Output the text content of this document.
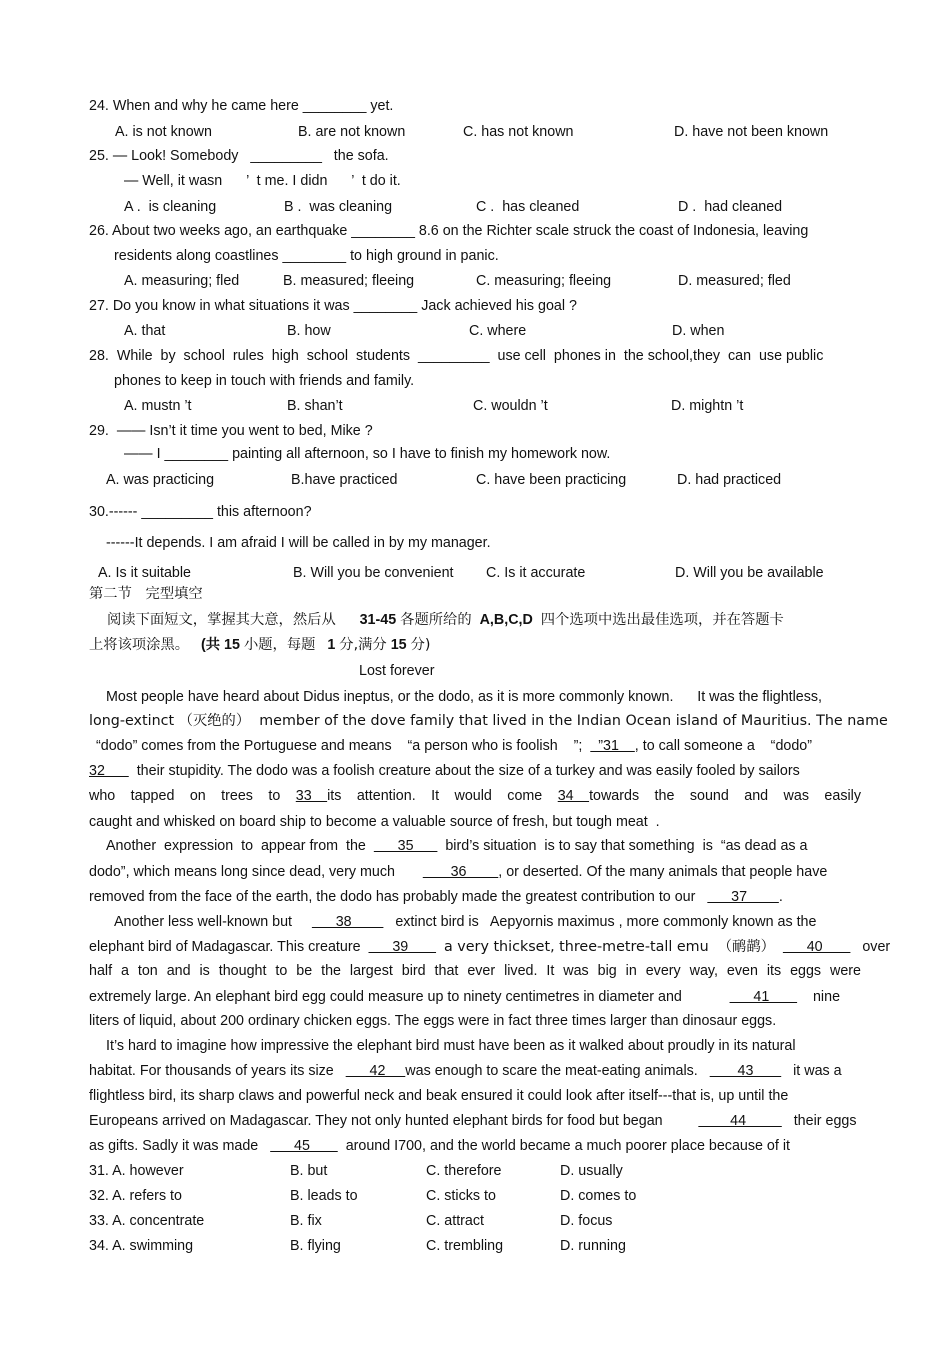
24. When and why he came here ________ yet.
A. is not known	B. are not known	C. has not known	D. have not been known
25. — Look! Somebody   _________   the sofa.
— Well, it wasn      ’  t me. I didn      ’  t do it.
A .  is cleaning	B .  was cleaning	C .  has cleaned	D .  had cleaned
26. About two weeks ago, an earthquake ________ 8.6 on the Richter scale struck the coast of Indonesia, leaving
residents along coastlines ________ to high ground in panic.
A. measuring; fled	B. measured; fleeing	C. measuring; fleeing	D. measured; fled
27. Do you know in what situations it was ________ Jack achieved his goal ?
A. that	B. how	C. where	D. when
28.  While  by  school  rules  high  school  students  _________  use cell  phones in  the school,they  can  use public
phones to keep in touch with friends and family.
A. mustn ’t	B. shan’t	C. wouldn ’t	D. mightn ’t
29.  —— Isn’t it time you went to bed, Mike ?
—— I ________ painting all afternoon, so I have to finish my homework now.
A. was practicing	B.have practiced	C. have been practicing	D. had practiced
30.------ _________ this afternoon?
------It depends. I am afraid I will be called in by my manager.
A. Is it suitable	B. Will you be convenient C. Is it accurate	D. Will you be available
第二节   完型填空
阅读下面短文，掌握其大意，然后从 31-45 各题所给的 A,B,C,D 四个选项中选出最佳选项，并在答题卡
上将该项涂黑。 (共 15 小题，每题 1 分,满分 15 分)
Lost forever
Most people have heard about Didus ineptus, or the dodo, as it is more commonly known.      It was the flightless,
long-extinct （灭绝的）  member of the dove family that lived in the Indian Ocean island of Mauritius. The name
“dodo” comes from the Portuguese and means    “a person who is foolish    ”;    ”31    , to call someone a    “dodo”
32        their stupidity. The dodo was a foolish creature about the size of a turkey and was easily fooled by sailors
who tapped on trees to 33 its attention. It would come 34 towards the sound and was easily
caught and whisked on board ship to become a valuable source of fresh, but tough meat  .
Another  expression  to  appear from  the        35        bird’s situation  is to say that something  is  “as dead as a
dodo”, which means long since dead, very much              36        , or deserted. Of the many animals that people have
removed from the face of the earth, the dodo has probably made the greatest contribution to our         37        .
Another less well-known but           38           extinct bird is   Aepyornis maximus , more commonly known as the
elephant bird of Madagascar. This creature        39         a very thickset, three-metre-tall emu  （鸸鹋）        40          over
half a ton and is thought to be the largest bird that ever lived. It was big in every way, even its eggs were
extremely large. An elephant bird egg could measure up to ninety centimetres in diameter and	41           nine
liters of liquid, about 200 ordinary chicken eggs. The eggs were in fact three times larger than dinosaur eggs.
It’s hard to imagine how impressive the elephant bird must have been as it walked about proudly in its natural
habitat. For thousands of years its size         42     was enough to scare the meat-eating animals.          43          it was a
flightless bird, its sharp claws and powerful neck and beak ensured it could look after itself---that is, up until the
Europeans arrived on Madagascar. They not only hunted elephant birds for food but began	44            their eggs
as gifts. Sadly it was made         45         around I700, and the world became a much poorer place because of it
31. A. however	B. but	C. therefore	D. usually
32. A. refers to	B. leads to	C. sticks to	D. comes to
33. A. concentrate	B. fix	C. attract	D. focus
34. A. swimming	B. flying	C. trembling	D. running
